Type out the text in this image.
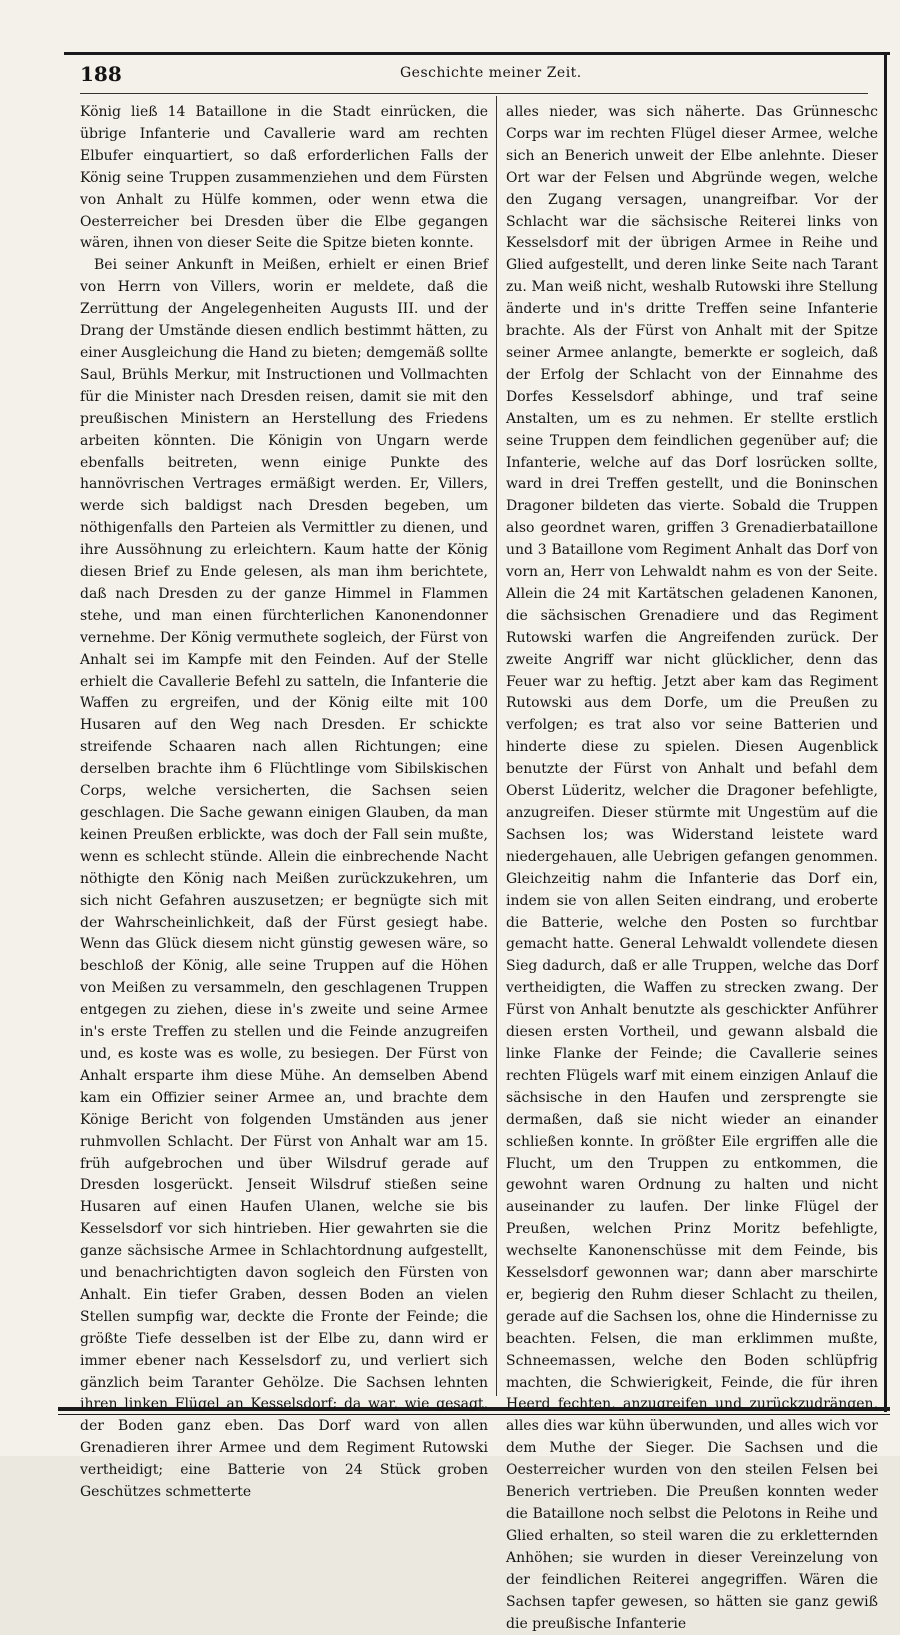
188	Geschichte meiner Zeit.

König ließ 14 Bataillone in die Stadt einrücken, die übrige Infanterie und Cavallerie ward am rechten Elbufer einquartiert, so daß erforderlichen Falls der König seine Truppen zusammenziehen und dem Fürsten von Anhalt zu Hülfe kommen, oder wenn etwa die Oesterreicher bei Dresden über die Elbe gegangen wären, ihnen von dieser Seite die Spitze bieten konnte.

Bei seiner Ankunft in Meißen, erhielt er einen Brief von Herrn von Villers, worin er meldete, daß die Zerrüttung der Angelegenheiten Augusts III. und der Drang der Umstände diesen endlich bestimmt hätten, zu einer Ausgleichung die Hand zu bieten; demgemäß sollte Saul, Brühls Merkur, mit Instructionen und Vollmachten für die Minister nach Dresden reisen, damit sie mit den preußischen Ministern an Herstellung des Friedens arbeiten könnten. Die Königin von Ungarn werde ebenfalls beitreten, wenn einige Punkte des hannövrischen Vertrages ermäßigt werden. Er, Villers, werde sich baldigst nach Dresden begeben, um nöthigenfalls den Parteien als Vermittler zu dienen, und ihre Aussöhnung zu erleichtern. Kaum hatte der König diesen Brief zu Ende gelesen, als man ihm berichtete, daß nach Dresden zu der ganze Himmel in Flammen stehe, und man einen fürchterlichen Kanonendonner vernehme. Der König vermuthete sogleich, der Fürst von Anhalt sei im Kampfe mit den Feinden. Auf der Stelle erhielt die Cavallerie Befehl zu satteln, die Infanterie die Waffen zu ergreifen, und der König eilte mit 100 Husaren auf den Weg nach Dresden. Er schickte streifende Schaaren nach allen Richtungen; eine derselben brachte ihm 6 Flüchtlinge vom Sibilskischen Corps, welche versicherten, die Sachsen seien geschlagen. Die Sache gewann einigen Glauben, da man keinen Preußen erblickte, was doch der Fall sein mußte, wenn es schlecht stünde. Allein die einbrechende Nacht nöthigte den König nach Meißen zurückzukehren, um sich nicht Gefahren auszusetzen; er begnügte sich mit der Wahrscheinlichkeit, daß der Fürst gesiegt habe. Wenn das Glück diesem nicht günstig gewesen wäre, so beschloß der König, alle seine Truppen auf die Höhen von Meißen zu versammeln, den geschlagenen Truppen entgegen zu ziehen, diese in's zweite und seine Armee in's erste Treffen zu stellen und die Feinde anzugreifen und, es koste was es wolle, zu besiegen. Der Fürst von Anhalt ersparte ihm diese Mühe. An demselben Abend kam ein Offizier seiner Armee an, und brachte dem Könige Bericht von folgenden Umständen aus jener ruhmvollen Schlacht. Der Fürst von Anhalt war am 15. früh aufgebrochen und über Wilsdruf gerade auf Dresden losgerückt. Jenseit Wilsdruf stießen seine Husaren auf einen Haufen Ulanen, welche sie bis Kesselsdorf vor sich hintrieben. Hier gewahrten sie die ganze sächsische Armee in Schlachtordnung aufgestellt, und benachrichtigten davon sogleich den Fürsten von Anhalt. Ein tiefer Graben, dessen Boden an vielen Stellen sumpfig war, deckte die Fronte der Feinde; die größte Tiefe desselben ist der Elbe zu, dann wird er immer ebener nach Kesselsdorf zu, und verliert sich gänzlich beim Taranter Gehölze. Die Sachsen lehnten ihren linken Flügel an Kesselsdorf; da war, wie gesagt, der Boden ganz eben. Das Dorf ward von allen Grenadieren ihrer Armee und dem Regiment Rutowski vertheidigt; eine Batterie von 24 Stück groben Geschützes schmetterte

alles nieder, was sich näherte. Das Grünneschc Corps war im rechten Flügel dieser Armee, welche sich an Benerich unweit der Elbe anlehnte. Dieser Ort war der Felsen und Abgründe wegen, welche den Zugang versagen, unangreifbar. Vor der Schlacht war die sächsische Reiterei links von Kesselsdorf mit der übrigen Armee in Reihe und Glied aufgestellt, und deren linke Seite nach Tarant zu. Man weiß nicht, weshalb Rutowski ihre Stellung änderte und in's dritte Treffen seine Infanterie brachte. Als der Fürst von Anhalt mit der Spitze seiner Armee anlangte, bemerkte er sogleich, daß der Erfolg der Schlacht von der Einnahme des Dorfes Kesselsdorf abhinge, und traf seine Anstalten, um es zu nehmen. Er stellte erstlich seine Truppen dem feindlichen gegenüber auf; die Infanterie, welche auf das Dorf losrücken sollte, ward in drei Treffen gestellt, und die Boninschen Dragoner bildeten das vierte. Sobald die Truppen also geordnet waren, griffen 3 Grenadierbataillone und 3 Bataillone vom Regiment Anhalt das Dorf von vorn an, Herr von Lehwaldt nahm es von der Seite. Allein die 24 mit Kartätschen geladenen Kanonen, die sächsischen Grenadiere und das Regiment Rutowski warfen die Angreifenden zurück. Der zweite Angriff war nicht glücklicher, denn das Feuer war zu heftig. Jetzt aber kam das Regiment Rutowski aus dem Dorfe, um die Preußen zu verfolgen; es trat also vor seine Batterien und hinderte diese zu spielen. Diesen Augenblick benutzte der Fürst von Anhalt und befahl dem Oberst Lüderitz, welcher die Dragoner befehligte, anzugreifen. Dieser stürmte mit Ungestüm auf die Sachsen los; was Widerstand leistete ward niedergehauen, alle Uebrigen gefangen genommen. Gleichzeitig nahm die Infanterie das Dorf ein, indem sie von allen Seiten eindrang, und eroberte die Batterie, welche den Posten so furchtbar gemacht hatte. General Lehwaldt vollendete diesen Sieg dadurch, daß er alle Truppen, welche das Dorf vertheidigten, die Waffen zu strecken zwang. Der Fürst von Anhalt benutzte als geschickter Anführer diesen ersten Vortheil, und gewann alsbald die linke Flanke der Feinde; die Cavallerie seines rechten Flügels warf mit einem einzigen Anlauf die sächsische in den Haufen und zersprengte sie dermaßen, daß sie nicht wieder an einander schließen konnte. In größter Eile ergriffen alle die Flucht, um den Truppen zu entkommen, die gewohnt waren Ordnung zu halten und nicht auseinander zu laufen. Der linke Flügel der Preußen, welchen Prinz Moritz befehligte, wechselte Kanonenschüsse mit dem Feinde, bis Kesselsdorf gewonnen war; dann aber marschirte er, begierig den Ruhm dieser Schlacht zu theilen, gerade auf die Sachsen los, ohne die Hindernisse zu beachten. Felsen, die man erklimmen mußte, Schneemassen, welche den Boden schlüpfrig machten, die Schwierigkeit, Feinde, die für ihren Heerd fechten, anzugreifen und zurückzudrängen, alles dies war kühn überwunden, und alles wich vor dem Muthe der Sieger. Die Sachsen und die Oesterreicher wurden von den steilen Felsen bei Benerich vertrieben. Die Preußen konnten weder die Bataillone noch selbst die Pelotons in Reihe und Glied erhalten, so steil waren die zu erkletternden Anhöhen; sie wurden in dieser Vereinzelung von der feindlichen Reiterei angegriffen. Wären die Sachsen tapfer gewesen, so hätten sie ganz gewiß die preußische Infanterie
